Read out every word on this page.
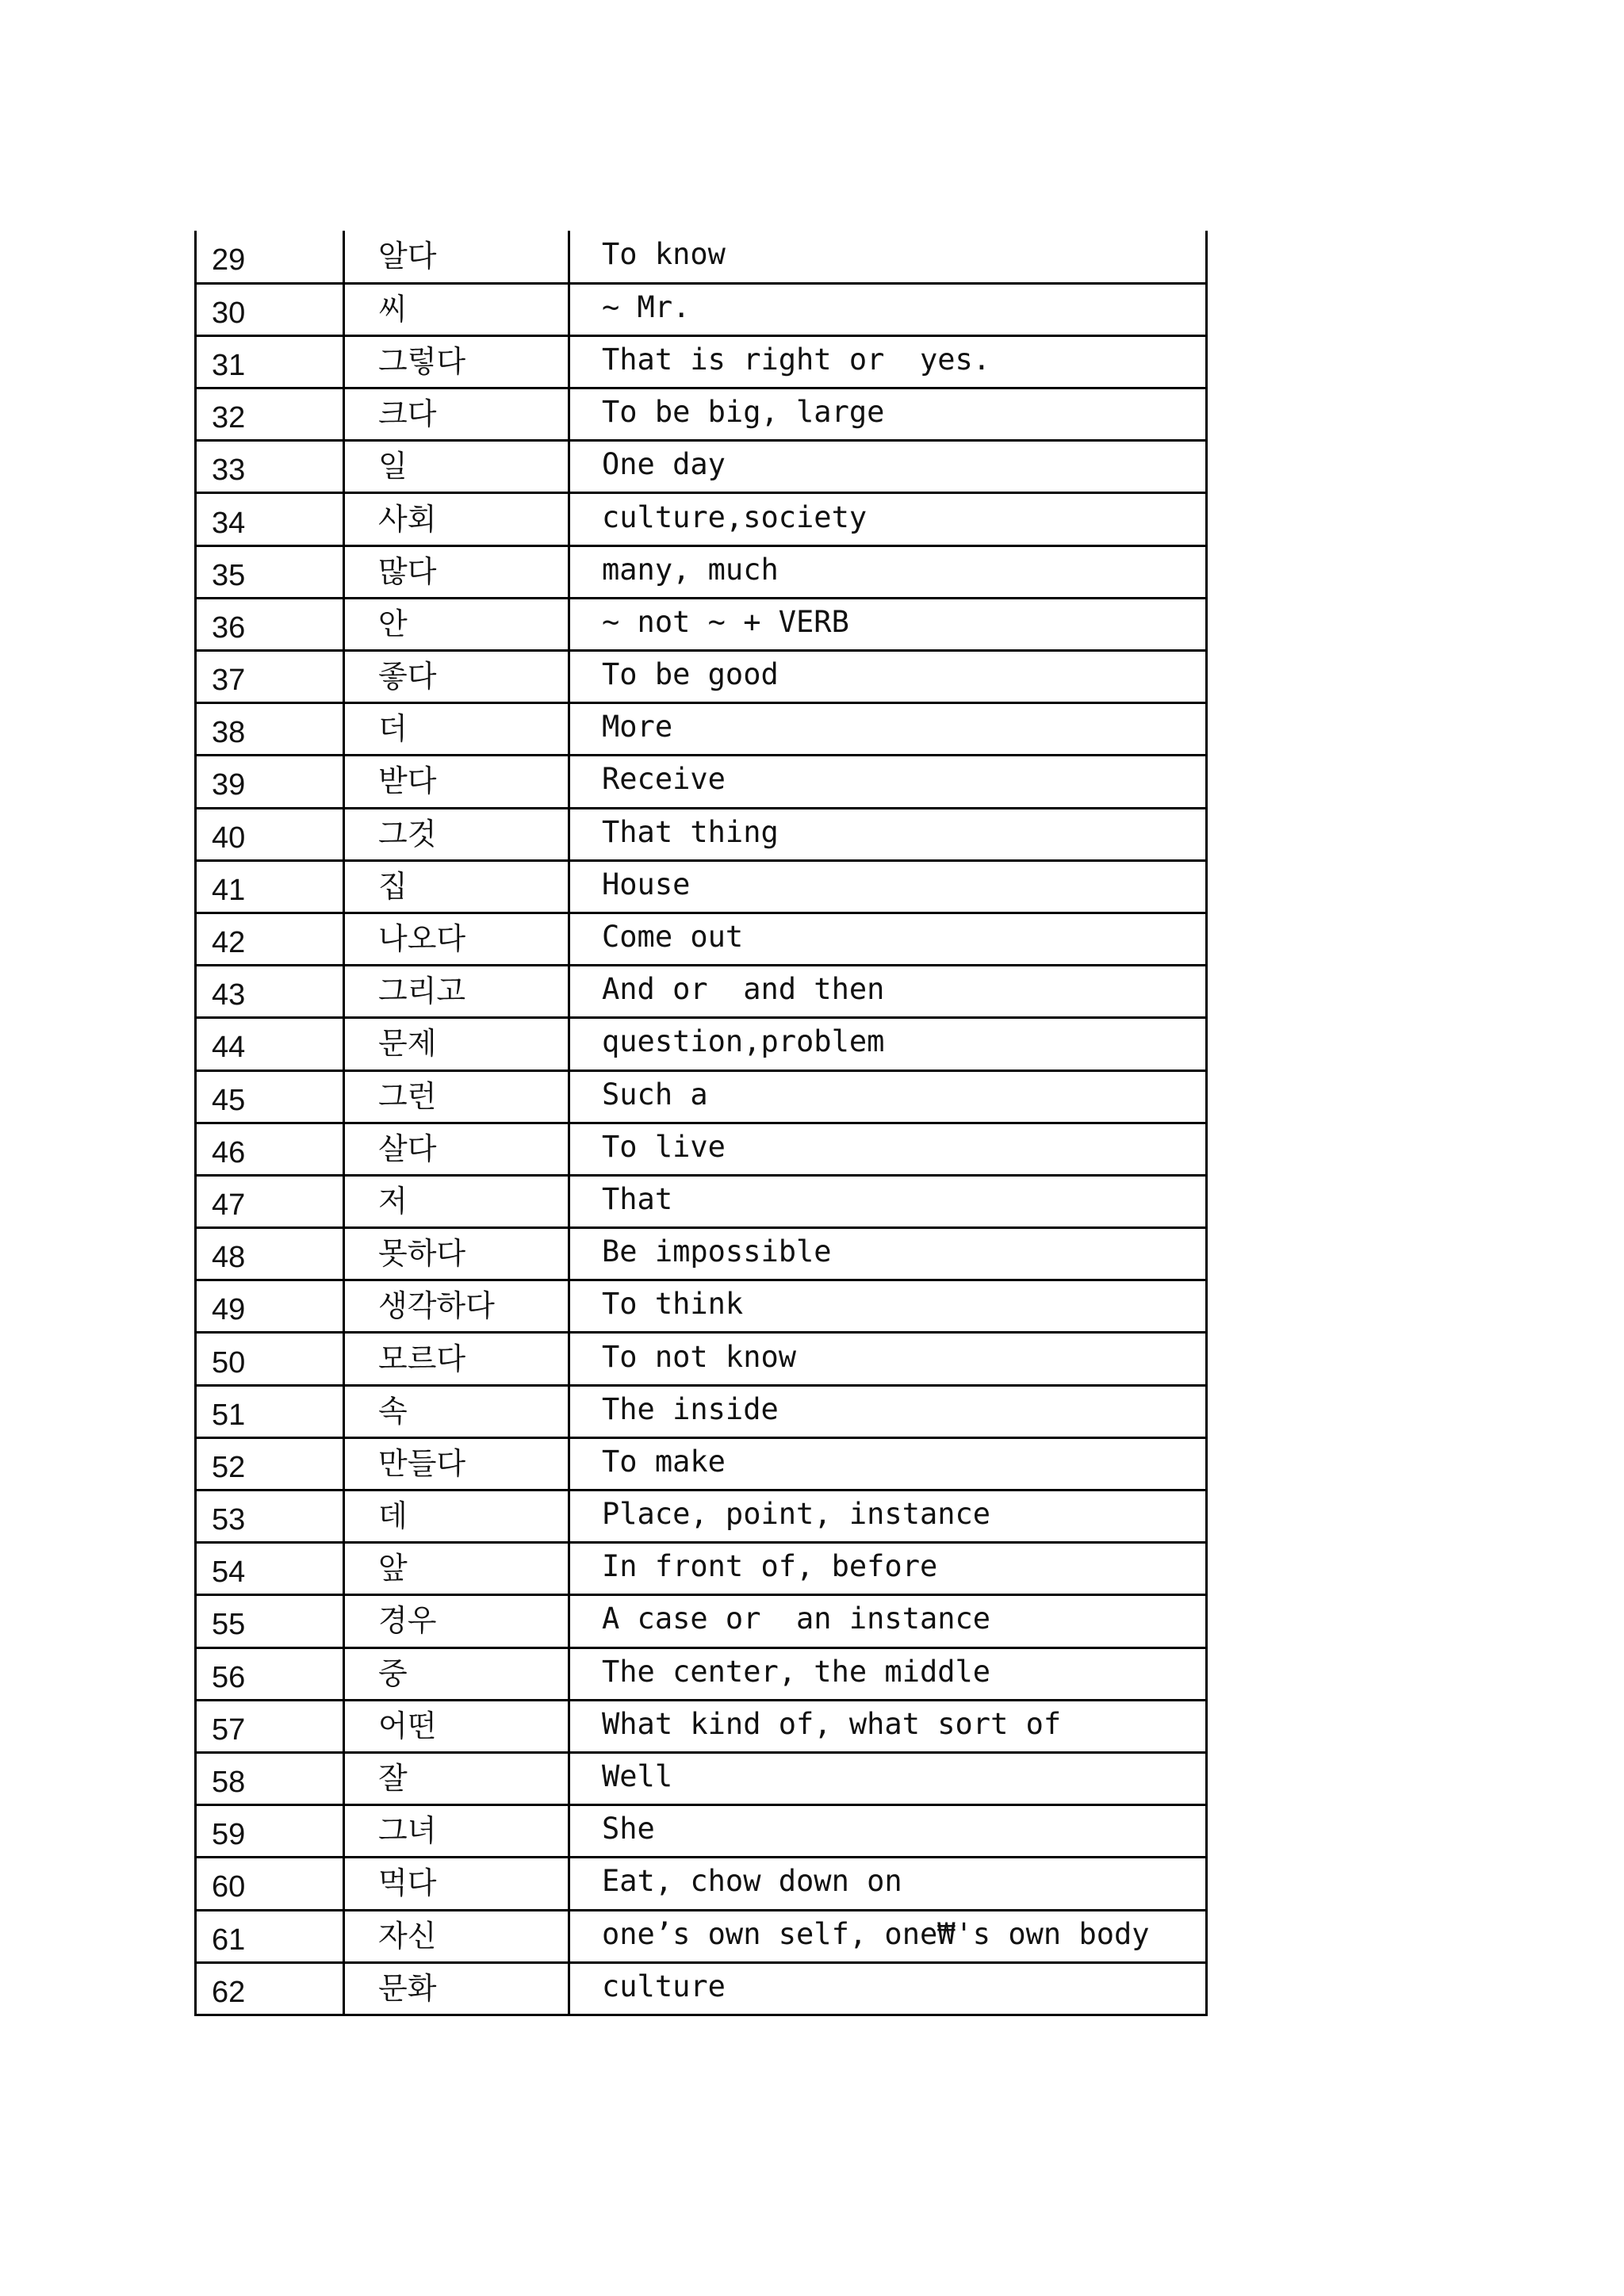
29	알다	To know
30	씨	~ Mr.
31	그렇다	That is right or  yes.
32	크다	To be big, large
33	일	One day
34	사회	culture,society
35	많다	many, much
36	안	~ not ~ + VERB
37	좋다	To be good
38	더	More
39	받다	Receive
40	그것	That thing
41	집	House
42	나오다	Come out
43	그리고	And or  and then
44	문제	question,problem
45	그런	Such a
46	살다	To live
47	저	That
48	못하다	Be impossible
49	생각하다	To think
50	모르다	To not know
51	속	The inside
52	만들다	To make
53	데	Place, point, instance
54	앞	In front of, before
55	경우	A case or  an instance
56	중	The center, the middle
57	어떤	What kind of, what sort of
58	잘	Well
59	그녀	She
60	먹다	Eat, chow down on
61	자신	one’s own self, one₩'s own body
62	문화	culture
